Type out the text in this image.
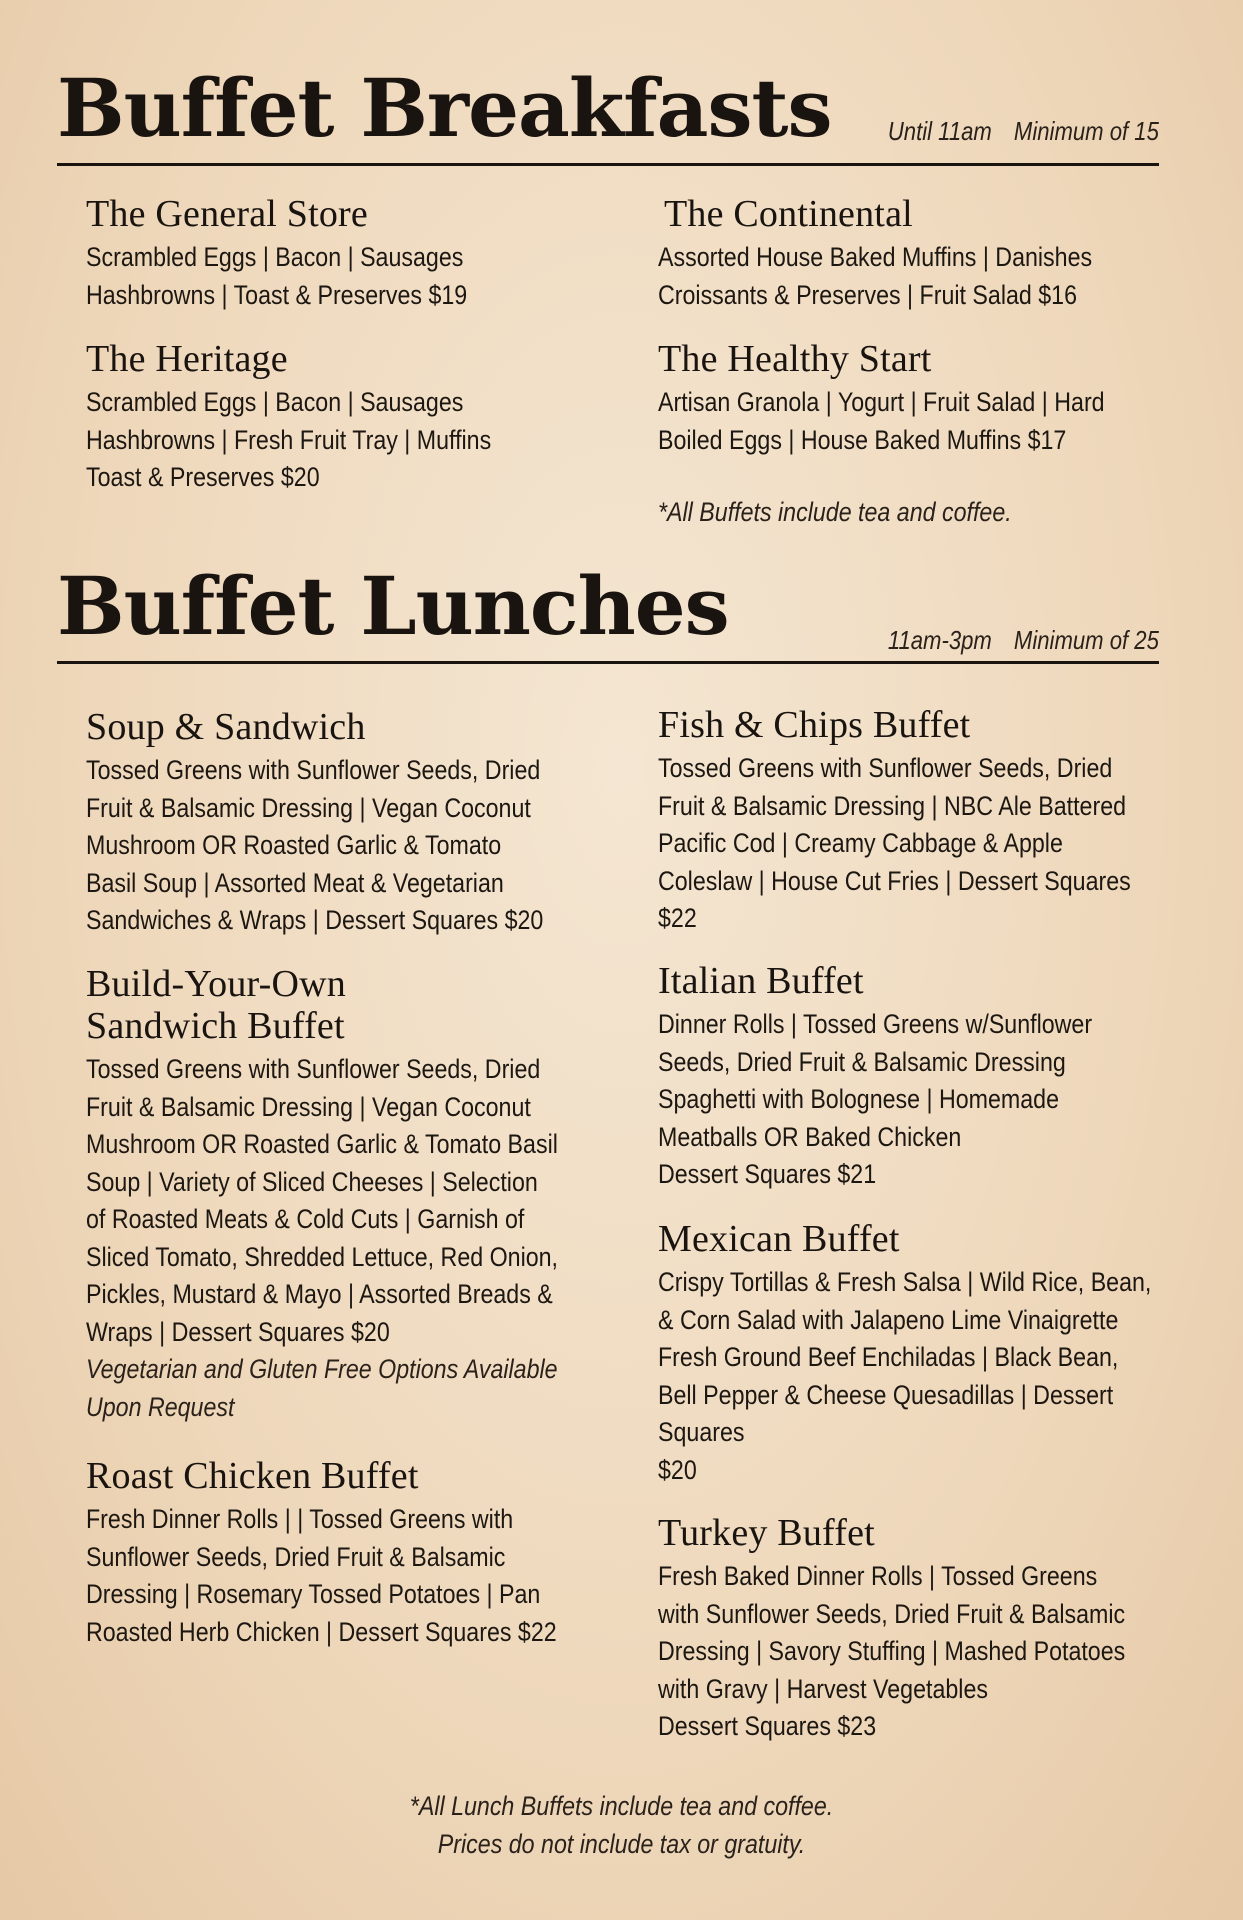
Buffet Breakfasts Until 11am Minimum of 15
The General Store

Scrambled Eggs | Bacon | Sausages
Hashbrowns | Toast & Preserves $19

The Heritage

Scrambled Eggs | Bacon | Sausages
Hashbrowns | Fresh Fruit Tray | Muffins
Toast & Preserves $20

The Continental

Assorted House Baked Muffins | Danishes
Croissants & Preserves | Fruit Salad $16

The Healthy Start

Artisan Granola | Yogurt | Fruit Salad | Hard
Boiled Eggs | House Baked Muffins $17

*All Buffets include tea and coffee.
Buffet Lunches	11am-3pm Minimum of 25
Soup & Sandwich

Tossed Greens with Sunflower Seeds, Dried
Fruit & Balsamic Dressing | Vegan Coconut
Mushroom OR Roasted Garlic & Tomato
Basil Soup | Assorted Meat & Vegetarian
Sandwiches & Wraps | Dessert Squares $20

Build-Your-Own
Sandwich Buffet

Tossed Greens with Sunflower Seeds, Dried
Fruit & Balsamic Dressing | Vegan Coconut
Mushroom OR Roasted Garlic & Tomato Basil
Soup | Variety of Sliced Cheeses | Selection
of Roasted Meats & Cold Cuts | Garnish of
Sliced Tomato, Shredded Lettuce, Red Onion,
Pickles, Mustard & Mayo | Assorted Breads &
Wraps | Dessert Squares $20

Vegetarian and Gluten Free Options Available
Upon Request

Roast Chicken Buffet

Fresh Dinner Rolls | | Tossed Greens with
Sunflower Seeds, Dried Fruit & Balsamic
Dressing | Rosemary Tossed Potatoes | Pan
Roasted Herb Chicken | Dessert Squares $22

Fish & Chips Buffet

Tossed Greens with Sunflower Seeds, Dried
Fruit & Balsamic Dressing | NBC Ale Battered
Pacific Cod | Creamy Cabbage & Apple
Coleslaw | House Cut Fries | Dessert Squares
$22

Italian Buffet

Dinner Rolls | Tossed Greens w/Sunflower
Seeds, Dried Fruit & Balsamic Dressing
Spaghetti with Bolognese | Homemade
Meatballs OR Baked Chicken
Dessert Squares $21

Mexican Buffet

Crispy Tortillas & Fresh Salsa | Wild Rice, Bean,
& Corn Salad with Jalapeno Lime Vinaigrette
Fresh Ground Beef Enchiladas | Black Bean,
Bell Pepper & Cheese Quesadillas | Dessert
Squares
$20

Turkey Buffet

Fresh Baked Dinner Rolls | Tossed Greens
with Sunflower Seeds, Dried Fruit & Balsamic
Dressing | Savory Stuffing | Mashed Potatoes
with Gravy | Harvest Vegetables
Dessert Squares $23

*All Lunch Buffets include tea and coffee.
Prices do not include tax or gratuity.
